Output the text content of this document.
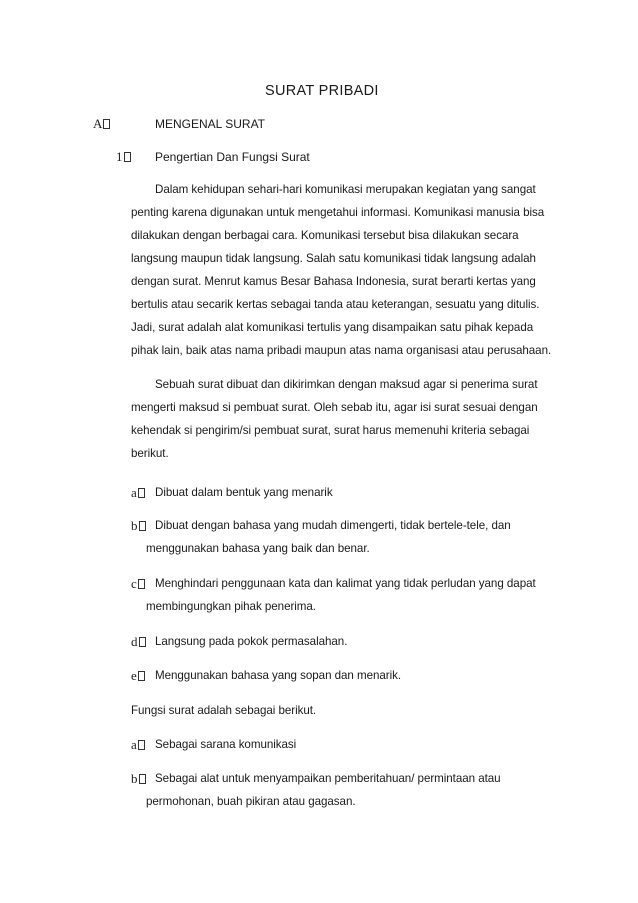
SURAT PRIBADI
A	MENGENAL SURAT
1	Pengertian Dan Fungsi Surat
Dalam kehidupan sehari-hari komunikasi merupakan kegiatan yang sangat
penting karena digunakan untuk mengetahui informasi. Komunikasi manusia bisa
dilakukan dengan berbagai cara. Komunikasi tersebut bisa dilakukan secara
langsung maupun tidak langsung. Salah satu komunikasi tidak langsung adalah
dengan surat. Menrut kamus Besar Bahasa Indonesia, surat berarti kertas yang
bertulis atau secarik kertas sebagai tanda atau keterangan, sesuatu yang ditulis.
Jadi, surat adalah alat komunikasi tertulis yang disampaikan satu pihak kepada
pihak lain, baik atas nama pribadi maupun atas nama organisasi atau perusahaan.
Sebuah surat dibuat dan dikirimkan dengan maksud agar si penerima surat
mengerti maksud si pembuat surat. Oleh sebab itu, agar isi surat sesuai dengan
kehendak si pengirim/si pembuat surat, surat harus memenuhi kriteria sebagai
berikut.
a	Dibuat dalam bentuk yang menarik
b	Dibuat dengan bahasa yang mudah dimengerti, tidak bertele-tele, dan
menggunakan bahasa yang baik dan benar.
c	Menghindari penggunaan kata dan kalimat yang tidak perludan yang dapat
membingungkan pihak penerima.
d	Langsung pada pokok permasalahan.
e	Menggunakan bahasa yang sopan dan menarik.
Fungsi surat adalah sebagai berikut.
a	Sebagai sarana komunikasi
b	Sebagai alat untuk menyampaikan pemberitahuan/ permintaan atau
permohonan, buah pikiran atau gagasan.
